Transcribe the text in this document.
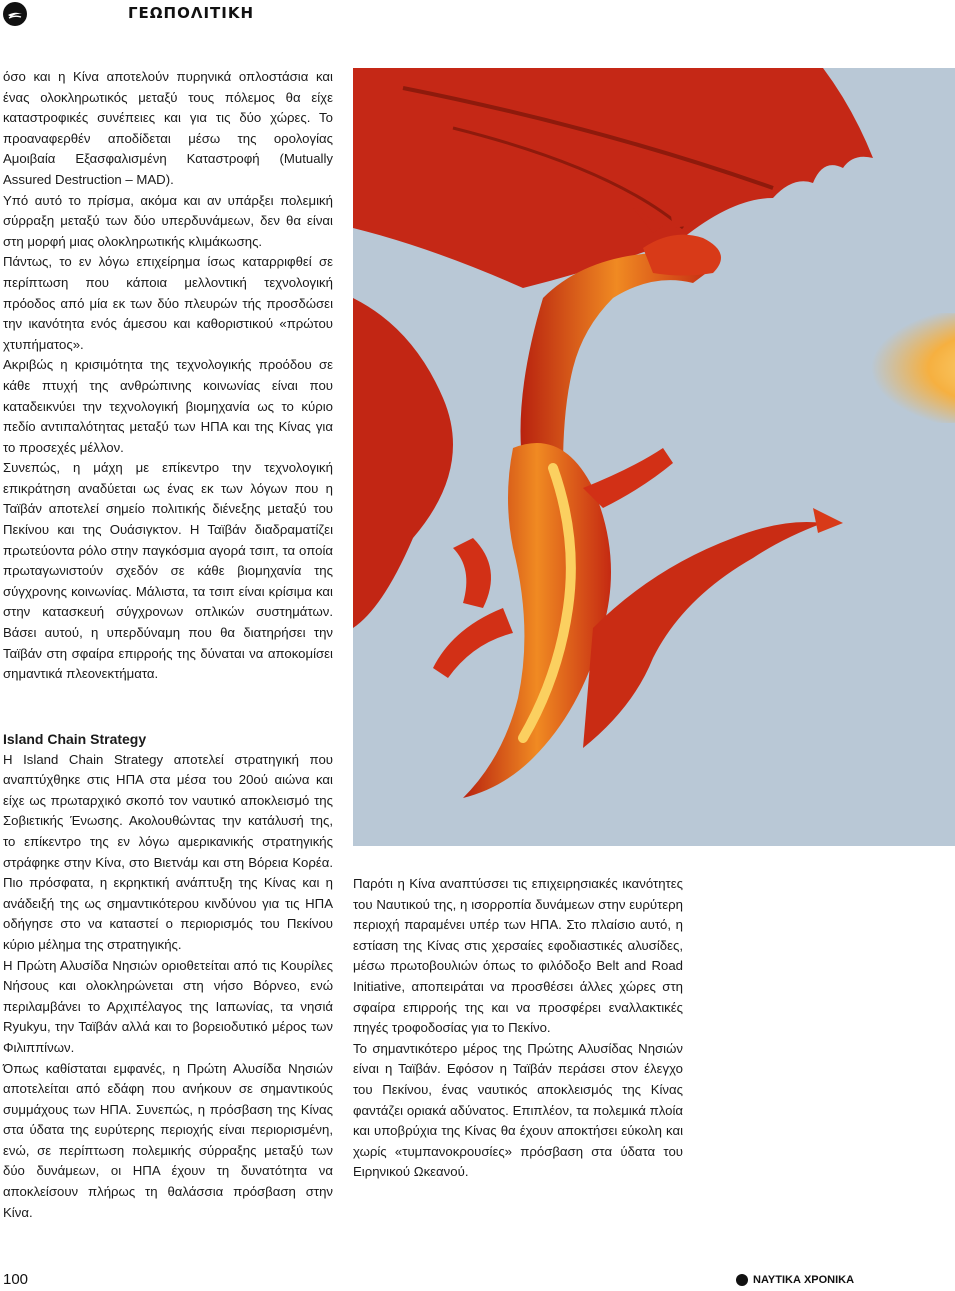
ΓΕΩΠΟΛΙΤΙΚΗ

όσο και η Κίνα αποτελούν πυρηνικά οπλοστάσια και ένας ολοκληρωτικός μεταξύ τους πόλεμος θα είχε καταστροφικές συνέπειες και για τις δύο χώρες. Το προαναφερθέν αποδίδεται μέσω της ορολογίας Αμοιβαία Εξασφαλισμένη Καταστροφή (Mutually Assured Destruction – MAD).

Υπό αυτό το πρίσμα, ακόμα και αν υπάρξει πολεμική σύρραξη μεταξύ των δύο υπερδυνάμεων, δεν θα είναι στη μορφή μιας ολοκληρωτικής κλιμάκωσης.

Πάντως, το εν λόγω επιχείρημα ίσως καταρριφθεί σε περίπτωση που κάποια μελλοντική τεχνολογική πρόοδος από μία εκ των δύο πλευρών τής προσδώσει την ικανότητα ενός άμεσου και καθοριστικού «πρώτου χτυπήματος».

Ακριβώς η κρισιμότητα της τεχνολογικής προόδου σε κάθε πτυχή της ανθρώπινης κοινωνίας είναι που καταδεικνύει την τεχνολογική βιομηχανία ως το κύριο πεδίο αντιπαλότητας μεταξύ των ΗΠΑ και της Κίνας για το προσεχές μέλλον.

Συνεπώς, η μάχη με επίκεντρο την τεχνολογική επικράτηση αναδύεται ως ένας εκ των λόγων που η Ταϊβάν αποτελεί σημείο πολιτικής διένεξης μεταξύ του Πεκίνου και της Ουάσιγκτον. Η Ταϊβάν διαδραματίζει πρωτεύοντα ρόλο στην παγκόσμια αγορά τσιπ, τα οποία πρωταγωνιστούν σχεδόν σε κάθε βιομηχανία της σύγχρονης κοινωνίας. Μάλιστα, τα τσιπ είναι κρίσιμα και στην κατασκευή σύγχρονων οπλικών συστημάτων. Βάσει αυτού, η υπερδύναμη που θα διατηρήσει την Ταϊβάν στη σφαίρα επιρροής της δύναται να αποκομίσει σημαντικά πλεονεκτήματα.

Island Chain Strategy

Η Island Chain Strategy αποτελεί στρατηγική που αναπτύχθηκε στις ΗΠΑ στα μέσα του 20ού αιώνα και είχε ως πρωταρχικό σκοπό τον ναυτικό αποκλεισμό της Σοβιετικής Ένωσης. Ακολουθώντας την κατάλυσή της, το επίκεντρο της εν λόγω αμερικανικής στρατηγικής στράφηκε στην Κίνα, στο Βιετνάμ και στη Βόρεια Κορέα. Πιο πρόσφατα, η εκρηκτική ανάπτυξη της Κίνας και η ανάδειξή της ως σημαντικότερου κινδύνου για τις ΗΠΑ οδήγησε στο να καταστεί ο περιορισμός του Πεκίνου κύριο μέλημα της στρατηγικής.

Η Πρώτη Αλυσίδα Νησιών οριοθετείται από τις Κουρίλες Νήσους και ολοκληρώνεται στη νήσο Βόρνεο, ενώ περιλαμβάνει το Αρχιπέλαγος της Ιαπωνίας, τα νησιά Ryukyu, την Ταϊβάν αλλά και το βορειοδυτικό μέρος των Φιλιππίνων.

Όπως καθίσταται εμφανές, η Πρώτη Αλυσίδα Νησιών αποτελείται από εδάφη που ανήκουν σε σημαντικούς συμμάχους των ΗΠΑ. Συνεπώς, η πρόσβαση της Κίνας στα ύδατα της ευρύτερης περιοχής είναι περιορισμένη, ενώ, σε περίπτωση πολεμικής σύρραξης μεταξύ των δύο δυνάμεων, οι ΗΠΑ έχουν τη δυνατότητα να αποκλείσουν πλήρως τη θαλάσσια πρόσβαση στην Κίνα.

Παρότι η Κίνα αναπτύσσει τις επιχειρησιακές ικανότητες του Ναυτικού της, η ισορροπία δυνάμεων στην ευρύτερη περιοχή παραμένει υπέρ των ΗΠΑ. Στο πλαίσιο αυτό, η εστίαση της Κίνας στις χερσαίες εφοδιαστικές αλυσίδες, μέσω πρωτοβουλιών όπως το φιλόδοξο Belt and Road Initiative, αποπειράται να προσθέσει άλλες χώρες στη σφαίρα επιρροής της και να προσφέρει εναλλακτικές πηγές τροφοδοσίας για το Πεκίνο.

Το σημαντικότερο μέρος της Πρώτης Αλυσίδας Νησιών είναι η Ταϊβάν. Εφόσον η Ταϊβάν περάσει στον έλεγχο του Πεκίνου, ένας ναυτικός αποκλεισμός της Κίνας φαντάζει οριακά αδύνατος. Επιπλέον, τα πολεμικά πλοία και υποβρύχια της Κίνας θα έχουν αποκτήσει εύκολη και χωρίς «τυμπανοκρουσίες» πρόσβαση στα ύδατα του Ειρηνικού Ωκεανού.

100	ΝΑΥΤΙΚΑ ΧΡΟΝΙΚΑ
